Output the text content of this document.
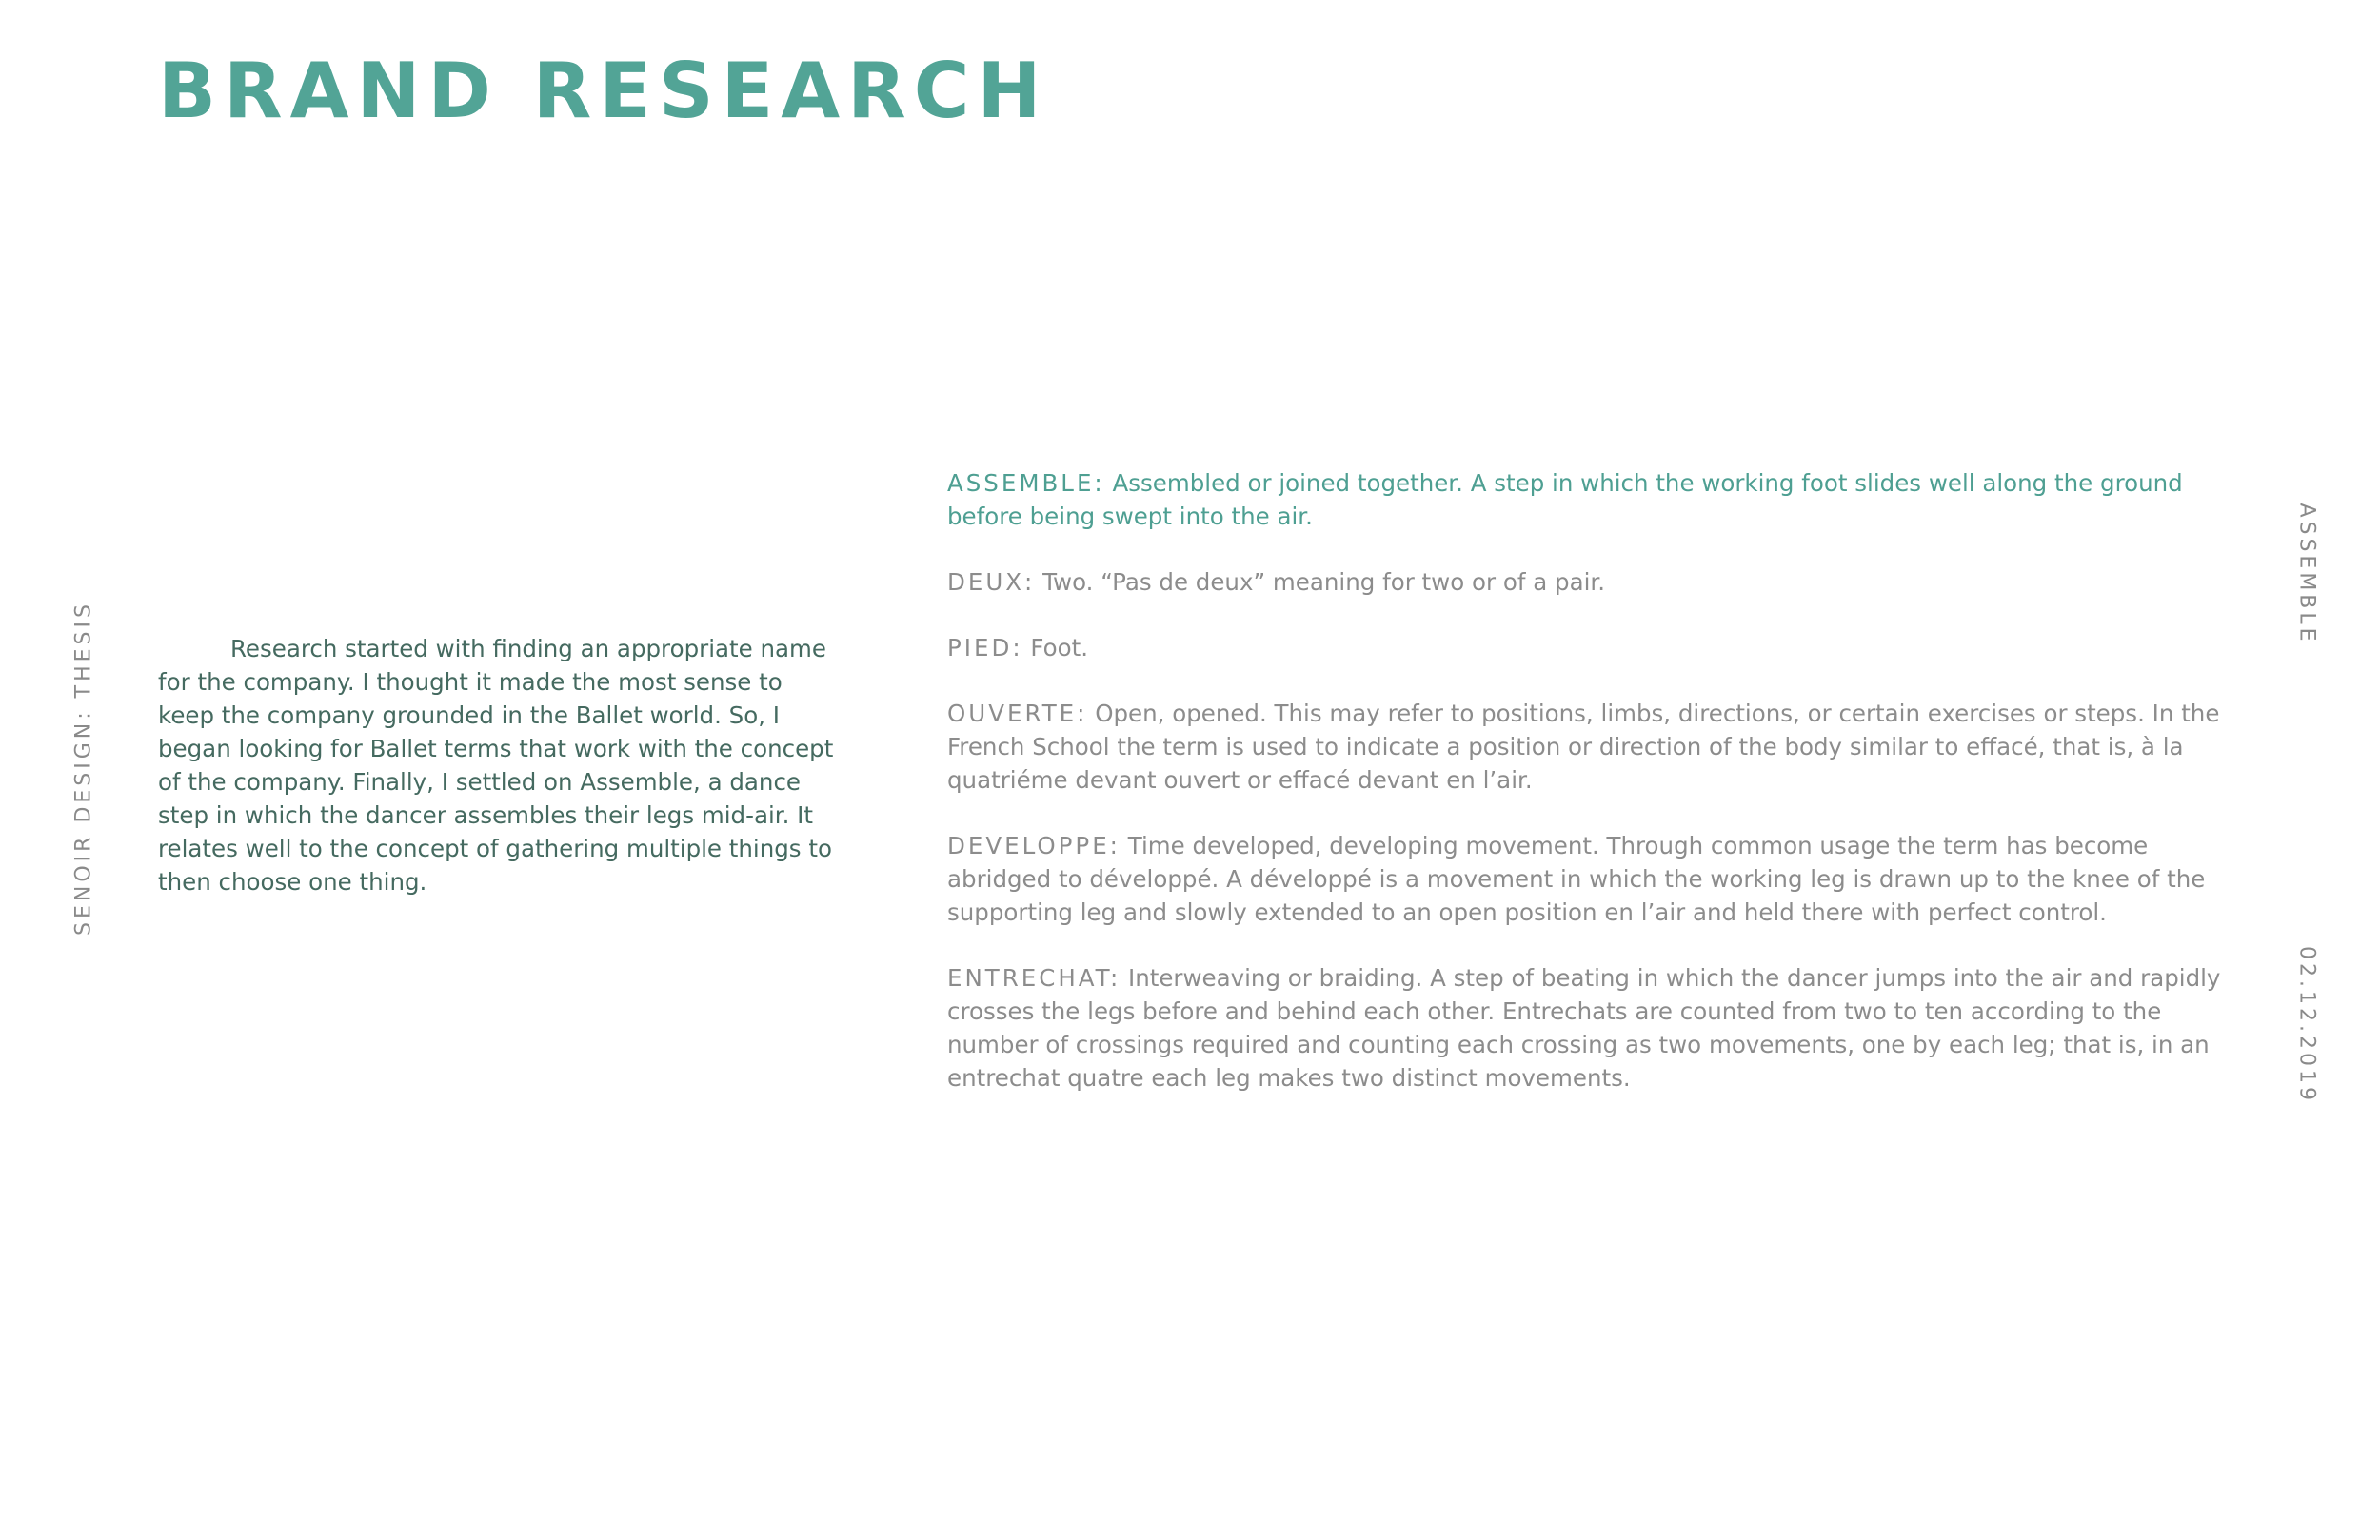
BRAND RESEARCH
SENOIR DESIGN: THESIS
ASSEMBLE
02.12.2019

Research started with finding an appropriate name for the company. I thought it made the most sense to keep the company grounded in the Ballet world. So, I began looking for Ballet terms that work with the concept of the company. Finally, I settled on Assemble, a dance step in which the dancer assembles their legs mid-air. It relates well to the concept of gathering multiple things to then choose one thing.

ASSEMBLE: Assembled or joined together. A step in which the working foot slides well along the ground before being swept into the air.

DEUX: Two. “Pas de deux” meaning for two or of a pair.

PIED: Foot.

OUVERTE: Open, opened. This may refer to positions, limbs, directions, or certain exercises or steps. In the French School the term is used to indicate a position or direction of the body similar to effacé, that is, à la quatriéme devant ouvert or effacé devant en l’air.

DEVELOPPE: Time developed, developing movement. Through common usage the term has become abridged to développé. A développé is a movement in which the working leg is drawn up to the knee of the supporting leg and slowly extended to an open position en l’air and held there with perfect control.

ENTRECHAT: Interweaving or braiding. A step of beating in which the dancer jumps into the air and rapidly crosses the legs before and behind each other. Entrechats are counted from two to ten according to the number of crossings required and counting each crossing as two movements, one by each leg; that is, in an entrechat quatre each leg makes two distinct movements.
